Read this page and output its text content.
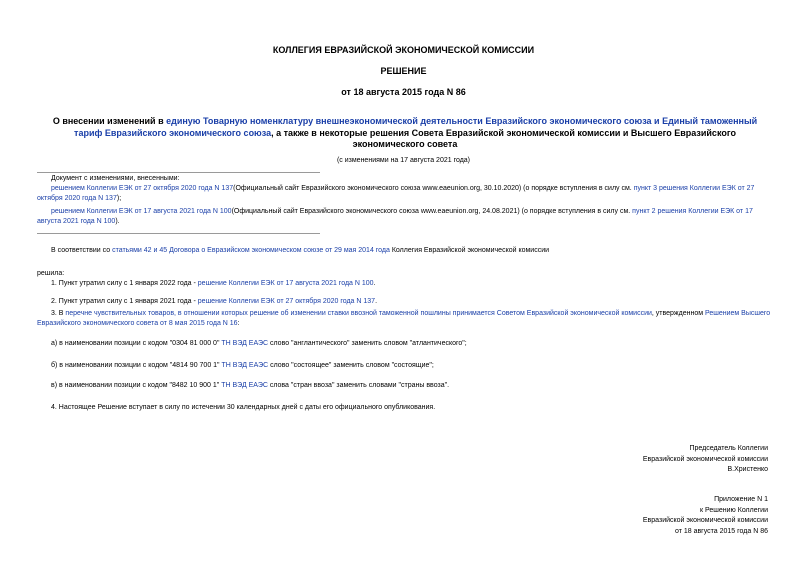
КОЛЛЕГИЯ ЕВРАЗИЙСКОЙ ЭКОНОМИЧЕСКОЙ КОМИССИИ
РЕШЕНИЕ
от 18 августа 2015 года N 86
О внесении изменений в единую Товарную номенклатуру внешнеэкономической деятельности Евразийского экономического союза и Единый таможенный тариф Евразийского экономического союза, а также в некоторые решения Совета Евразийской экономической комиссии и Высшего Евразийского экономического совета
(с изменениями на 17 августа 2021 года)
Документ с изменениями, внесенными:
решением Коллегии ЕЭК от 27 октября 2020 года N 137(Официальный сайт Евразийского экономического союза www.eaeunion.org, 30.10.2020) (о порядке вступления в силу см. пункт 3 решения Коллегии ЕЭК от 27 октября 2020 года N 137);
решением Коллегии ЕЭК от 17 августа 2021 года N 100(Официальный сайт Евразийского экономического союза www.eaeunion.org, 24.08.2021) (о порядке вступления в силу см. пункт 2 решения Коллегии ЕЭК от 17 августа 2021 года N 100).
В соответствии со статьями 42 и 45 Договора о Евразийском экономическом союзе от 29 мая 2014 года Коллегия Евразийской экономической комиссии
решила:
1. Пункт утратил силу с 1 января 2022 года - решение Коллегии ЕЭК от 17 августа 2021 года N 100.
2. Пункт утратил силу с 1 января 2021 года - решение Коллегии ЕЭК от 27 октября 2020 года N 137.
3. В перечне чувствительных товаров, в отношении которых решение об изменении ставки ввозной таможенной пошлины принимается Советом Евразийской экономической комиссии, утвержденном Решением Высшего Евразийского экономического совета от 8 мая 2015 года N 16:
а) в наименовании позиции с кодом "0304 81 000 0" ТН ВЭД ЕАЭС слово "англантического" заменить словом "атлантического";
б) в наименовании позиции с кодом "4814 90 700 1" ТН ВЭД ЕАЭС слово "состоящее" заменить словом "состоящие";
в) в наименовании позиции с кодом "8482 10 900 1" ТН ВЭД ЕАЭС слова "стран ввоза" заменить словами "страны ввоза".
4. Настоящее Решение вступает в силу по истечении 30 календарных дней с даты его официального опубликования.
Председатель Коллегии
Евразийской экономической комиссии
В.Христенко
Приложение N 1
к Решению Коллегии
Евразийской экономической комиссии
от 18 августа 2015 года N 86
